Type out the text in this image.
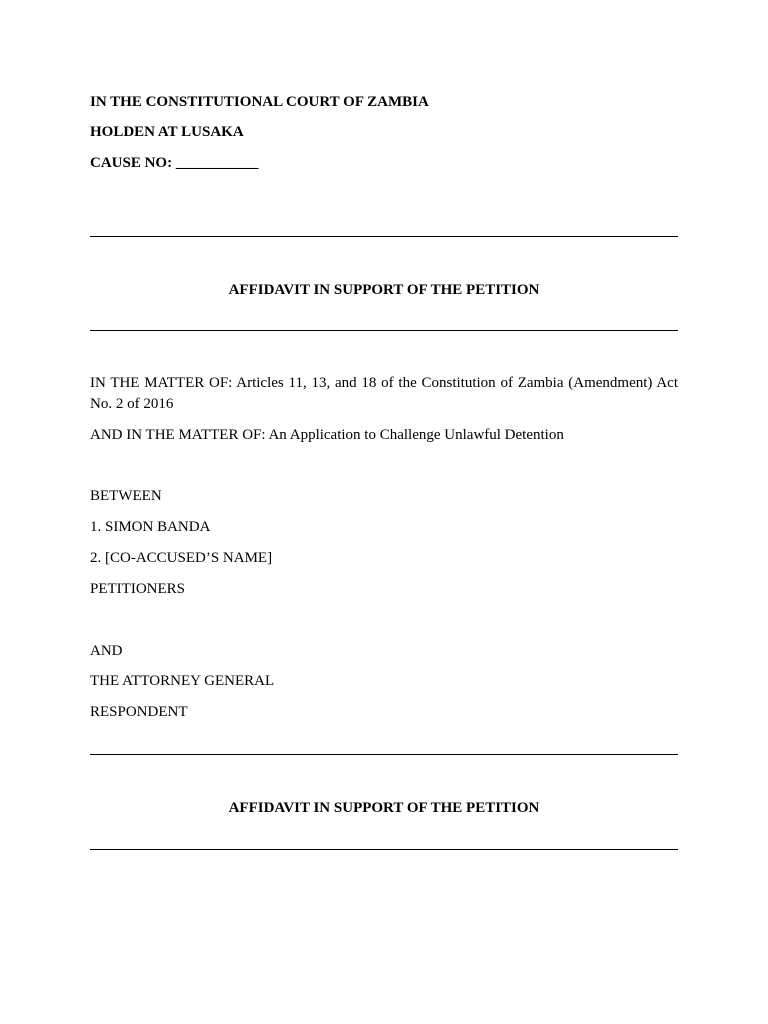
IN THE CONSTITUTIONAL COURT OF ZAMBIA
HOLDEN AT LUSAKA
CAUSE NO: ___________
AFFIDAVIT IN SUPPORT OF THE PETITION
IN THE MATTER OF: Articles 11, 13, and 18 of the Constitution of Zambia (Amendment) Act No. 2 of 2016
AND IN THE MATTER OF: An Application to Challenge Unlawful Detention
BETWEEN
1. SIMON BANDA
2. [CO-ACCUSED’S NAME]
PETITIONERS
AND
THE ATTORNEY GENERAL
RESPONDENT
AFFIDAVIT IN SUPPORT OF THE PETITION
